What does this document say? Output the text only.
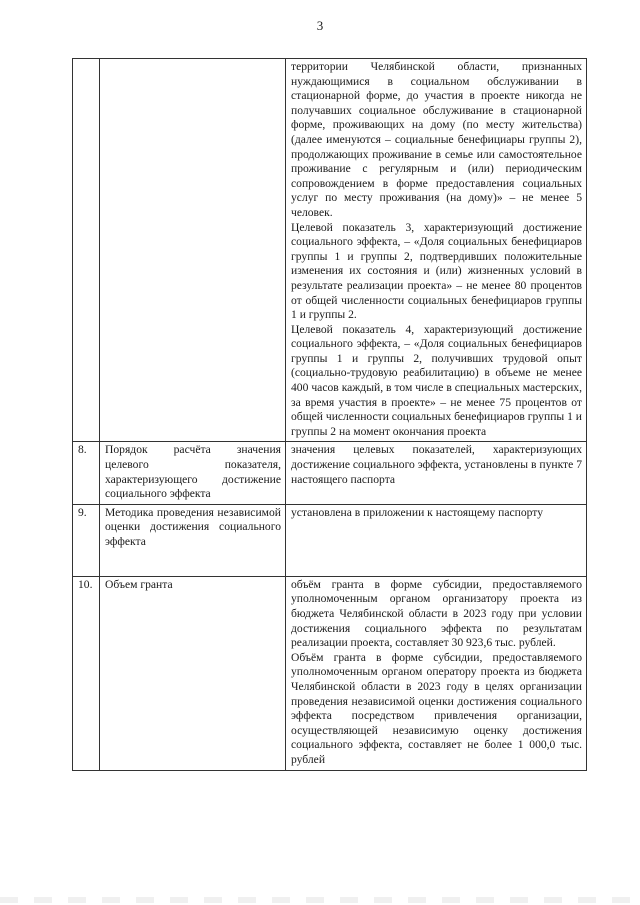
3

		территории Челябинской области, признанных нуждающимися в социальном обслуживании в стационарной форме, до участия в проекте никогда не получавших социальное обслуживание в стационарной форме, проживающих на дому (по месту жительства) (далее именуются – социальные бенефициары группы 2), продолжающих проживание в семье или самостоятельное проживание с регулярным и (или) периодическим сопровождением в форме предоставления социальных услуг по месту проживания (на дому)» – не менее 5 человек.

Целевой показатель 3, характеризующий достижение социального эффекта, – «Доля социальных бенефициаров группы 1 и группы 2, подтвердивших положительные изменения их состояния и (или) жизненных условий в результате реализации проекта» – не менее 80 процентов от общей численности социальных бенефициаров группы 1 и группы 2.

Целевой показатель 4, характеризующий достижение социального эффекта, – «Доля социальных бенефициаров группы 1 и группы 2, получивших трудовой опыт (социально-трудовую реабилитацию) в объеме не менее 400 часов каждый, в том числе в специальных мастерских, за время участия в проекте» – не менее 75 процентов от общей численности социальных бенефициаров группы 1 и группы 2 на момент окончания проекта

8.	Порядок расчёта значения целевого показателя, характеризующего достижение социального эффекта	значения целевых показателей, характеризующих достижение социального эффекта, установлены в пункте 7 настоящего паспорта

9.	Методика проведения независимой оценки достижения социального эффекта	установлена в приложении к настоящему паспорту

10.	Объем гранта	объём гранта в форме субсидии, предоставляемого уполномоченным органом организатору проекта из бюджета Челябинской области в 2023 году при условии достижения социального эффекта по результатам реализации проекта, составляет 30 923,6 тыс. рублей.

Объём гранта в форме субсидии, предоставляемого уполномоченным органом оператору проекта из бюджета Челябинской области в 2023 году в целях организации проведения независимой оценки достижения социального эффекта посредством привлечения организации, осуществляющей независимую оценку достижения социального эффекта, составляет не более 1 000,0 тыс. рублей
